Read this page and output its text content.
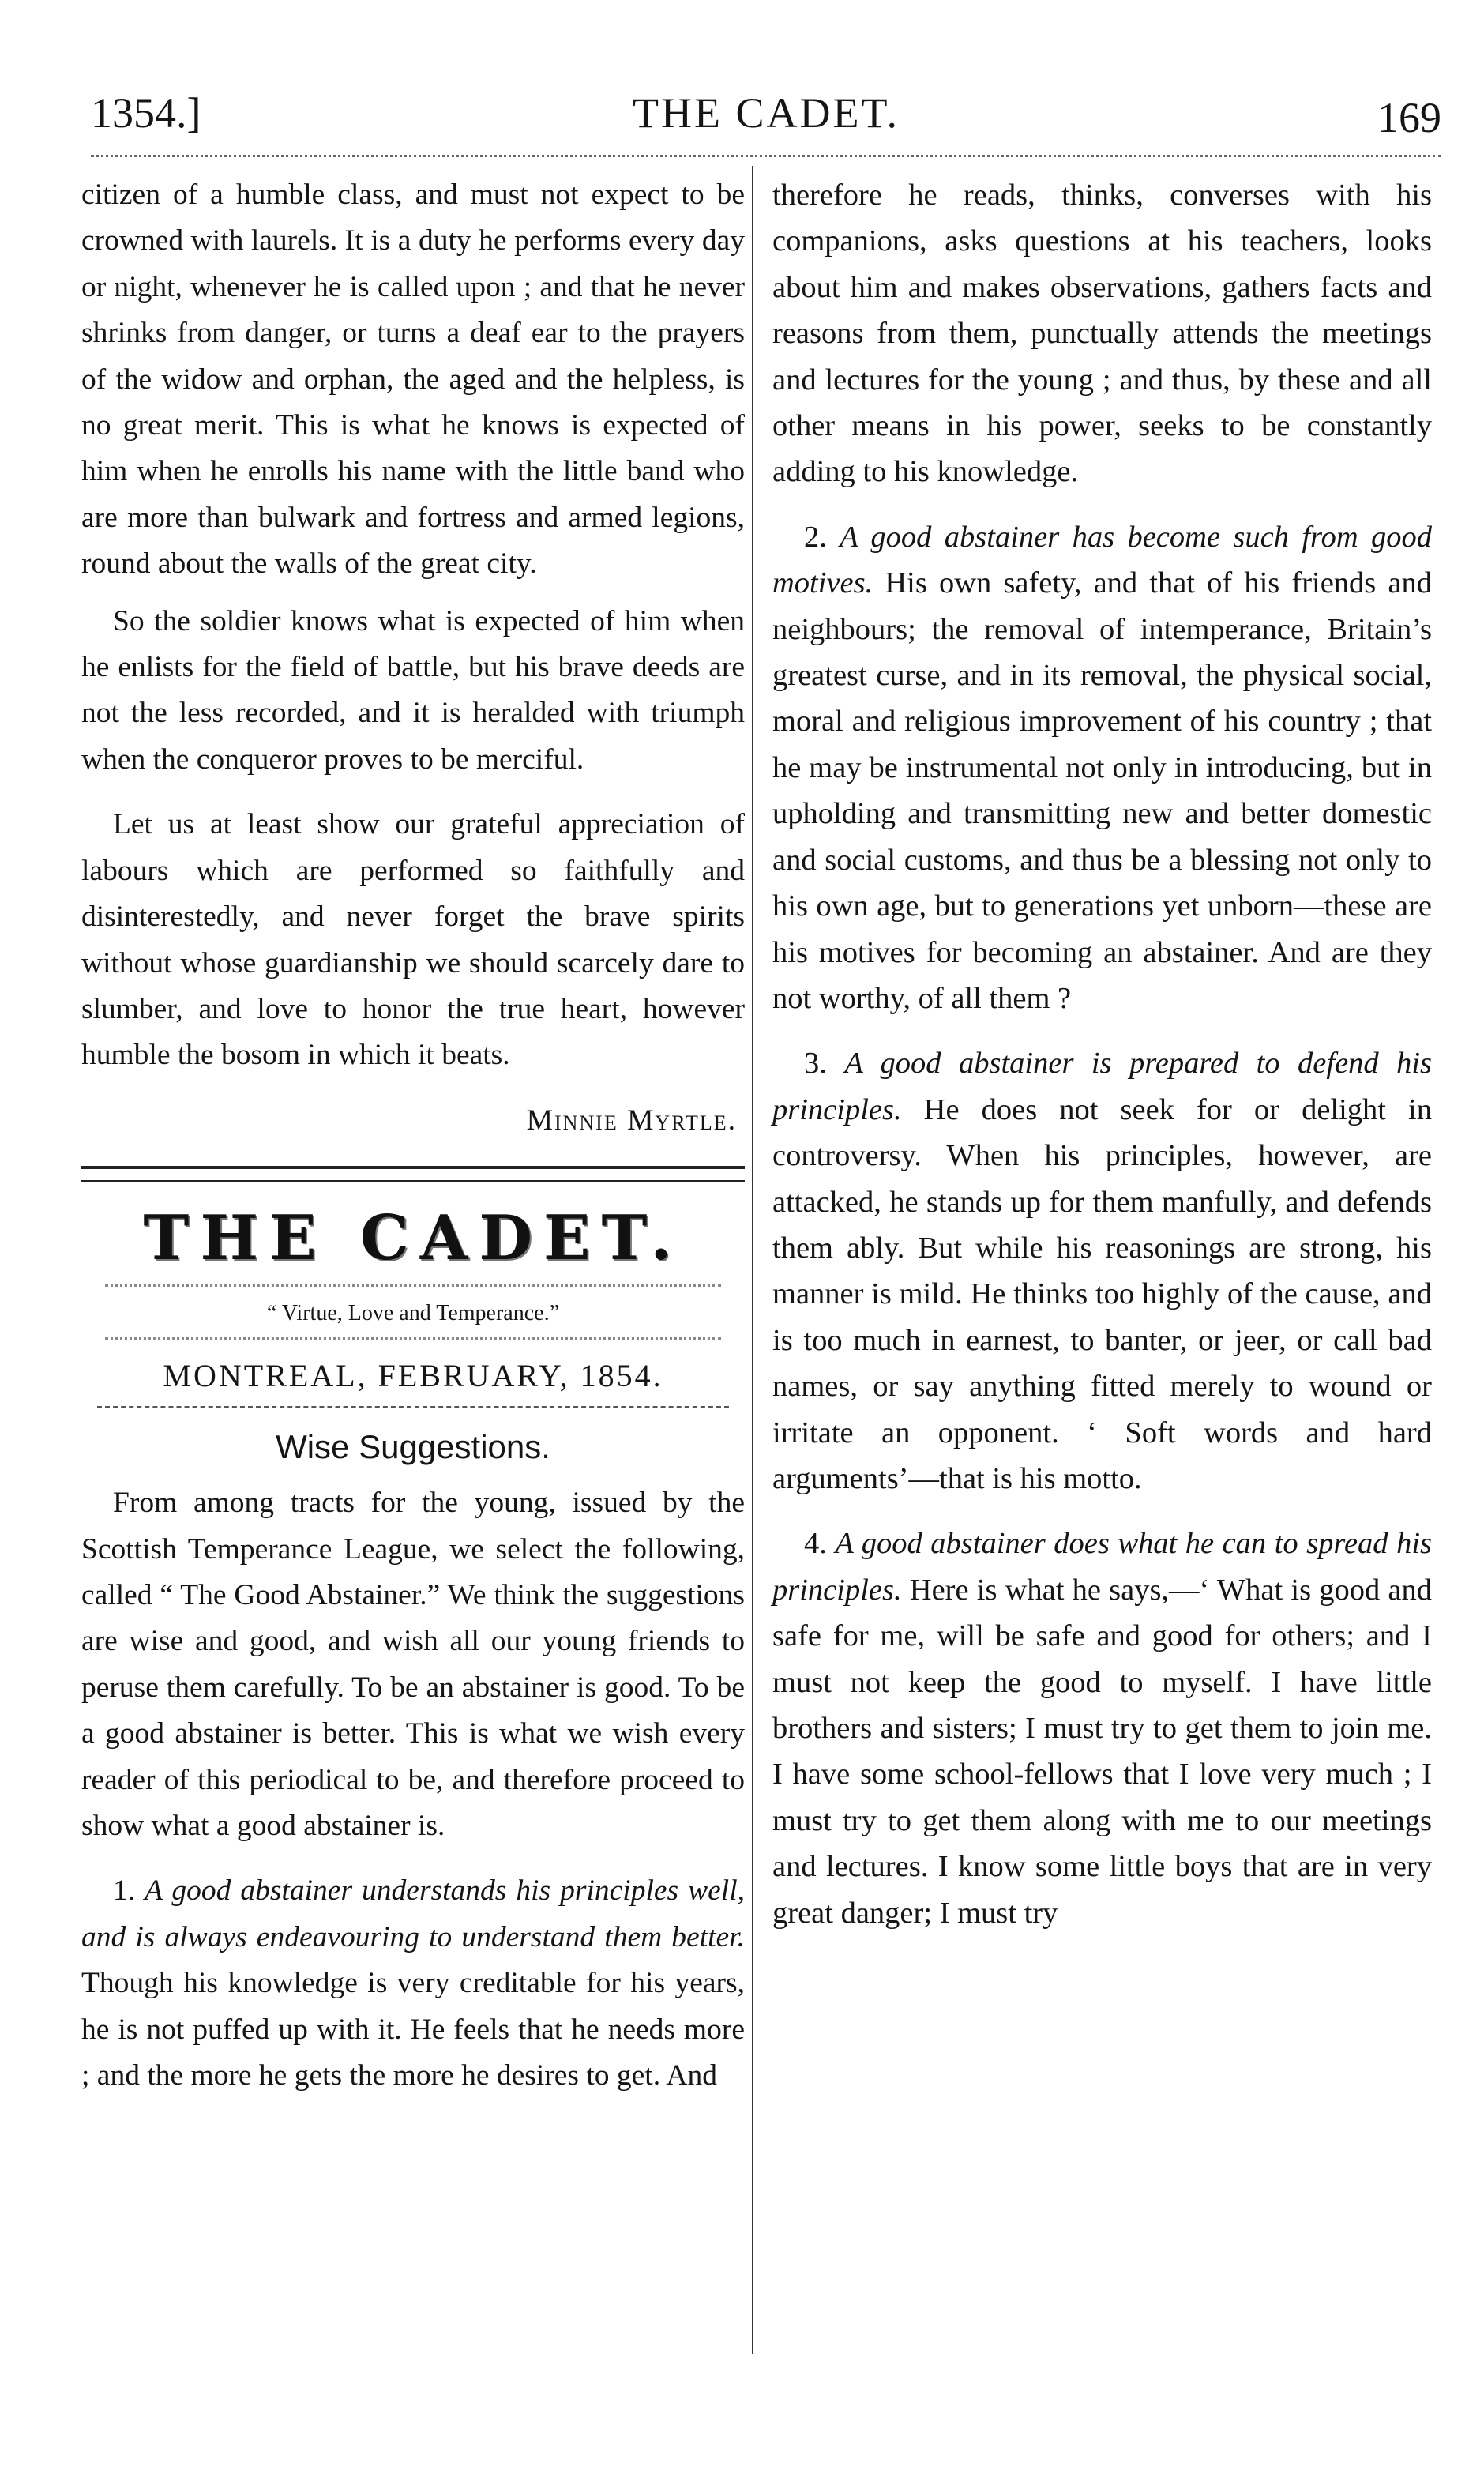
1354.]	THE CADET.	169

citizen of a humble class, and must not expect to be crowned with laurels. It is a duty he performs every day or night, whenever he is called upon ; and that he never shrinks from danger, or turns a deaf ear to the prayers of the widow and orphan, the aged and the helpless, is no great merit. This is what he knows is expected of him when he enrolls his name with the little band who are more than bulwark and fortress and armed legions, round about the walls of the great city.

So the soldier knows what is expected of him when he enlists for the field of battle, but his brave deeds are not the less recorded, and it is heralded with triumph when the conqueror proves to be merciful.

Let us at least show our grateful appreciation of labours which are performed so faithfully and disinterestedly, and never forget the brave spirits without whose guardianship we should scarcely dare to slumber, and love to honor the true heart, however humble the bosom in which it beats.

Minnie Myrtle.
THE CADET.
“ Virtue, Love and Temperance.”
MONTREAL, FEBRUARY, 1854.
Wise Suggestions.

From among tracts for the young, issued by the Scottish Temperance League, we select the following, called “ The Good Abstainer.” We think the suggestions are wise and good, and wish all our young friends to peruse them carefully. To be an abstainer is good. To be a good abstainer is better. This is what we wish every reader of this periodical to be, and therefore proceed to show what a good abstainer is.

1. A good abstainer understands his principles well, and is always endeavouring to understand them better. Though his knowledge is very creditable for his years, he is not puffed up with it. He feels that he needs more ; and the more he gets the more he desires to get. And

therefore he reads, thinks, converses with his companions, asks questions at his teachers, looks about him and makes observations, gathers facts and reasons from them, punctually attends the meetings and lectures for the young ; and thus, by these and all other means in his power, seeks to be constantly adding to his knowledge.

2. A good abstainer has become such from good motives. His own safety, and that of his friends and neighbours; the removal of intemperance, Britain’s greatest curse, and in its removal, the physical social, moral and religious improvement of his country ; that he may be instrumental not only in introducing, but in upholding and transmitting new and better domestic and social customs, and thus be a blessing not only to his own age, but to generations yet unborn—these are his motives for becoming an abstainer. And are they not worthy, of all them ?

3. A good abstainer is prepared to defend his principles. He does not seek for or delight in controversy. When his principles, however, are attacked, he stands up for them manfully, and defends them ably. But while his reasonings are strong, his manner is mild. He thinks too highly of the cause, and is too much in earnest, to banter, or jeer, or call bad names, or say anything fitted merely to wound or irritate an opponent. ‘ Soft words and hard arguments’—that is his motto.

4. A good abstainer does what he can to spread his principles. Here is what he says,—‘ What is good and safe for me, will be safe and good for others; and I must not keep the good to myself. I have little brothers and sisters; I must try to get them to join me. I have some school-fellows that I love very much ; I must try to get them along with me to our meetings and lectures. I know some little boys that are in very great danger; I must try
